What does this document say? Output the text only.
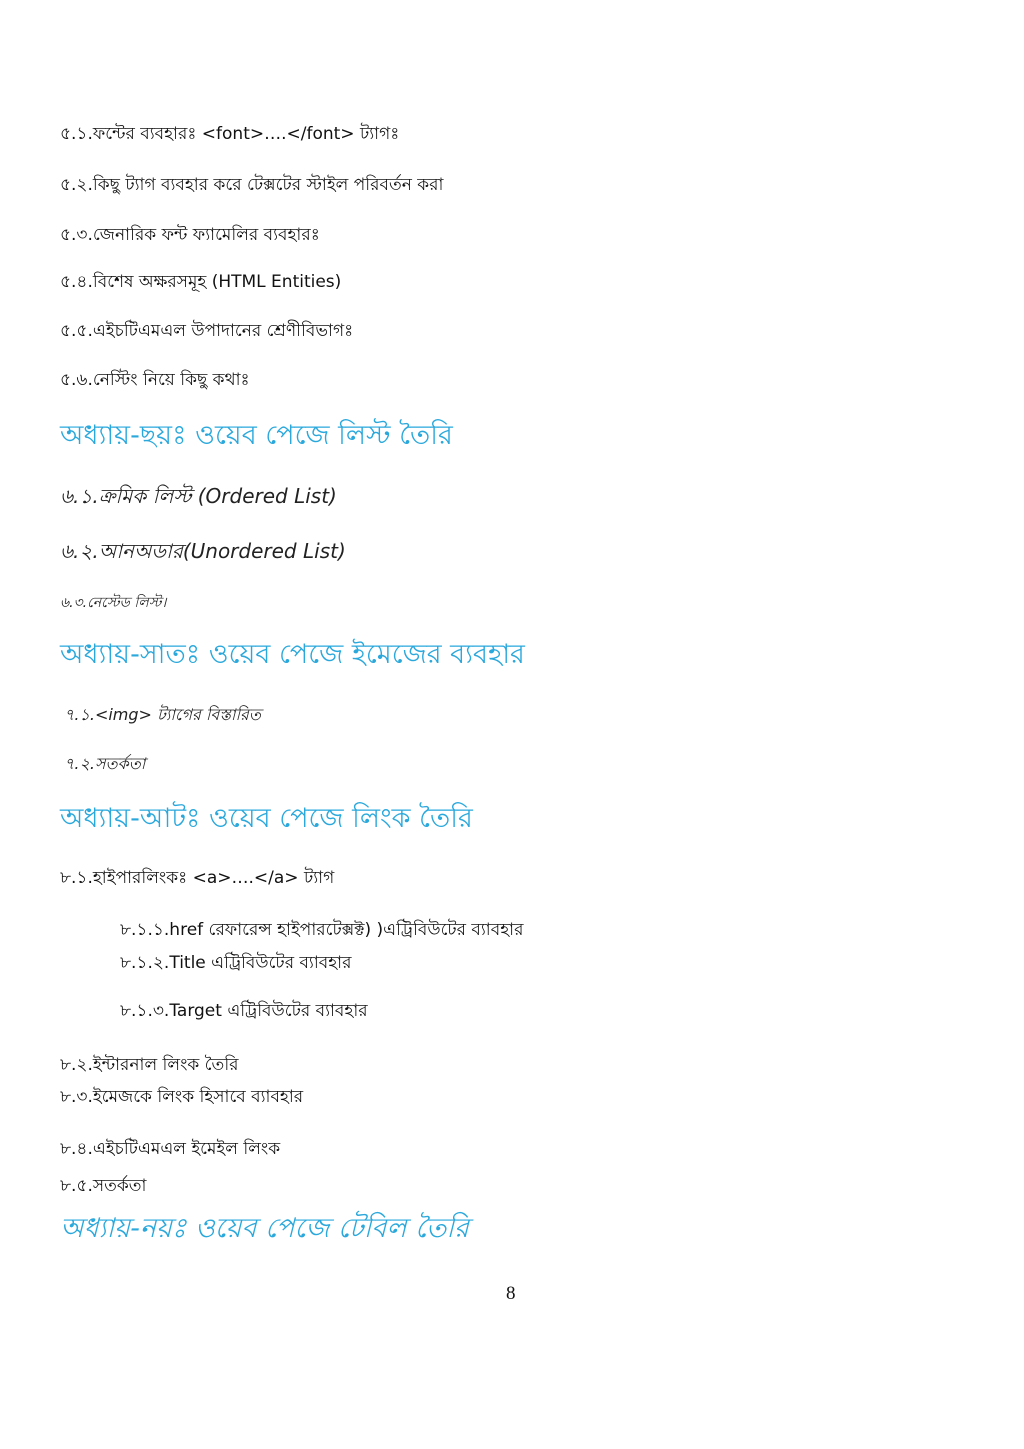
৫.১.ফন্টের ব্যবহারঃ <font>….</font> ট্যাগঃ
৫.২.কিছু ট্যাগ ব্যবহার করে টেক্সটের স্টাইল পরিবর্তন করা
৫.৩.জেনারিক ফন্ট ফ্যামেলির ব্যবহারঃ
৫.৪.বিশেষ অক্ষরসমূহ (HTML Entities)
৫.৫.এইচটিএমএল উপাদানের শ্রেণীবিভাগঃ
৫.৬.নেস্টিং নিয়ে কিছু কথাঃ
অধ্যায়-ছয়ঃ ওয়েব পেজে লিস্ট তৈরি
৬.১.ক্রমিক লিস্ট (Ordered List)
৬.২.আনঅডার(Unordered List)
৬.৩.নেস্টেড লিস্ট।
অধ্যায়-সাতঃ ওয়েব পেজে ইমেজের ব্যবহার
৭.১.<img> ট্যাগের বিস্তারিত
৭.২.সতর্কতা
অধ্যায়-আটঃ ওয়েব পেজে লিংক তৈরি
৮.১.হাইপারলিংকঃ <a>….</a> ট্যাগ
৮.১.১.href রেফারেন্স হাইপারটেক্সক্ট) )এট্রিবিউটের ব্যাবহার
৮.১.২.Title এট্রিবিউটের ব্যাবহার
৮.১.৩.Target এট্রিবিউটের ব্যাবহার
৮.২.ইন্টারনাল লিংক তৈরি
৮.৩.ইমেজকে লিংক হিসাবে ব্যাবহার
৮.৪.এইচটিএমএল ইমেইল লিংক
৮.৫.সতর্কতা
অধ্যায়-নয়ঃ ওয়েব পেজে টেবিল তৈরি
8
